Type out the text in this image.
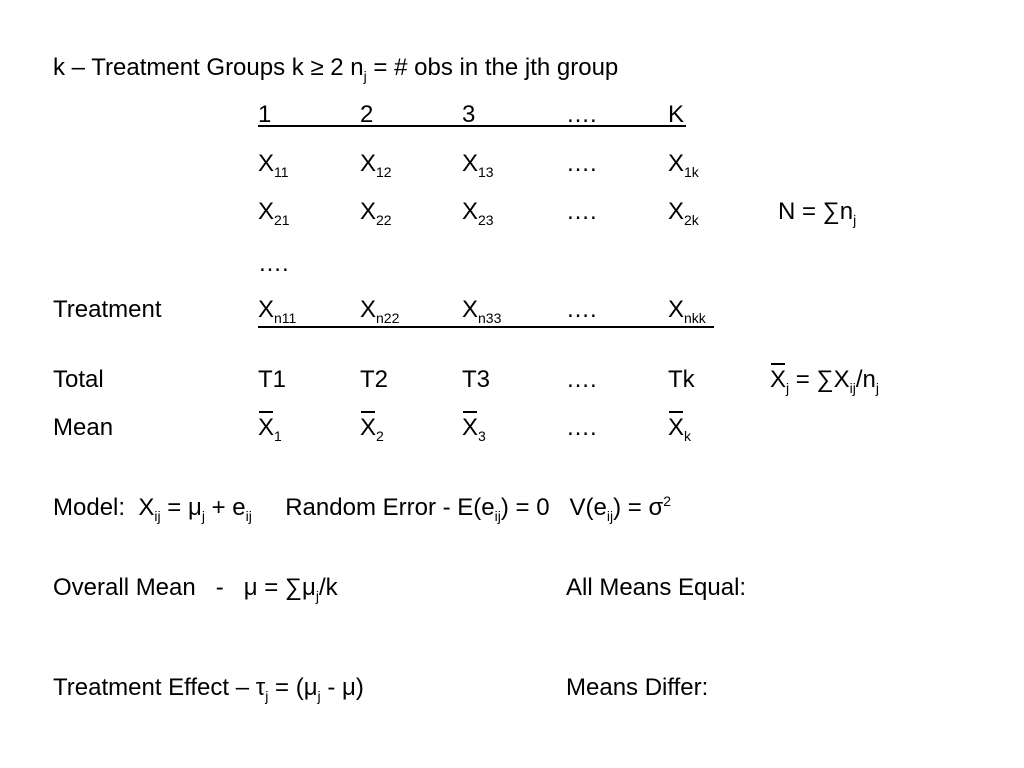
k – Treatment Groups k ≥ 2 $n_j$ = # obs in the jth group
1	2	3	….	K
$X_{11}$	$X_{12}$	$X_{13}$	….	$X_{1k}$
$X_{21}$	$X_{22}$	$X_{23}$	….	$X_{2k}$	$N = \sum n_j$
….
Treatment	$X_{n11}$	$X_{n22}$	$X_{n33}$	….	$X_{nkk}$
Total	T1	T2	T3	….	Tk	$X_j = \sum X_{ij}/n_j$
Mean	$X_1$	$X_2$	$X_3$	….	$X_k$
Model:  $X_{ij} = \mu_j + e_{ij}$     Random Error - $E(e_{ij}) = 0$   $V(e_{ij}) = \sigma^2$
Overall Mean   -   $\mu = \sum\mu_j/k$	All Means Equal:
Treatment Effect – $\tau_j = (\mu_j - \mu)$	Means Differ:
